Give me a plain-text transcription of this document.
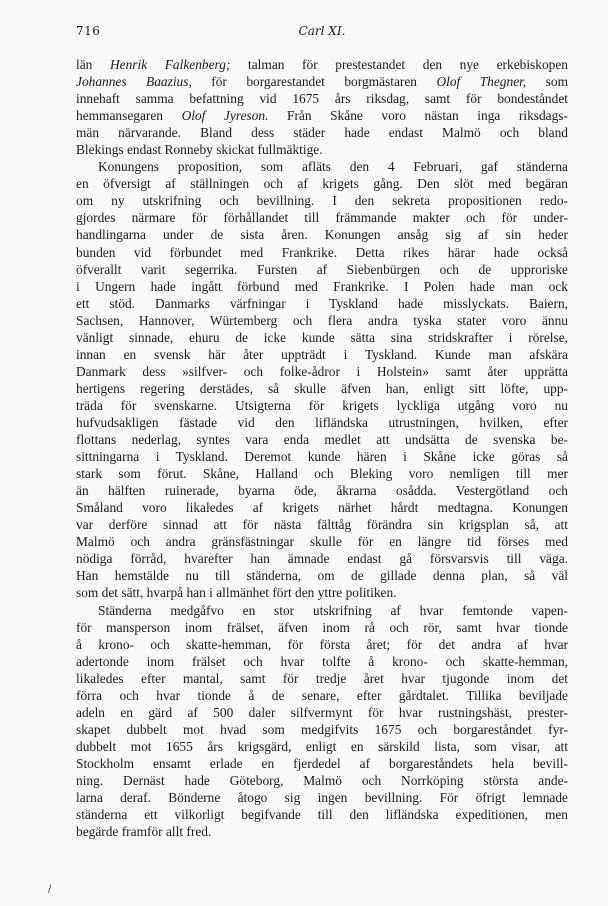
716	Carl XI.
län Henrik Falkenberg; talman för prestestandet den nye erkebiskopen
Johannes Baazius, för borgarestandet borgmästaren Olof Thegner, som
innehaft samma befattning vid 1675 års riksdag, samt för bondeståndet
hemmansegaren Olof Jyreson. Från Skåne voro nästan inga riksdags-
män närvarande. Bland dess städer hade endast Malmö och bland
Blekings endast Ronneby skickat fullmäktige.
Konungens proposition, som afläts den 4 Februari, gaf ständerna
en öfversigt af ställningen och af krigets gång. Den slöt med begäran
om ny utskrifning och bevillning. I den sekreta propositionen redo-
gjordes närmare för förhållandet till främmande makter och för under-
handlingarna under de sista åren. Konungen ansåg sig af sin heder
bunden vid förbundet med Frankrike. Detta rikes härar hade också
öfverallt varit segerrika. Fursten af Siebenbürgen och de upproriske
i Ungern hade ingått förbund med Frankrike. I Polen hade man ock
ett stöd. Danmarks värfningar i Tyskland hade misslyckats. Baiern,
Sachsen, Hannover, Würtemberg och flera andra tyska stater voro ännu
vänligt sinnade, ehuru de icke kunde sätta sina stridskrafter i rörelse,
innan en svensk här åter uppträdt i Tyskland. Kunde man afskära
Danmark dess »silfver- och folke-ådror i Holstein» samt åter upprätta
hertigens regering derstädes, så skulle äfven han, enligt sitt löfte, upp-
träda för svenskarne. Utsigterna för krigets lyckliga utgång voro nu
hufvudsakligen fästade vid den lifländska utrustningen, hvilken, efter
flottans nederlag, syntes vara enda medlet att undsätta de svenska be-
sittningarna i Tyskland. Deremot kunde hären i Skåne icke göras så
stark som förut. Skåne, Halland och Bleking voro nemligen till mer
än hälften ruinerade, byarna öde, åkrarna osådda. Vestergötland och
Småland voro likaledes af krigets närhet hårdt medtagna. Konungen
var derföre sinnad att för nästa fälttåg förändra sin krigsplan så, att
Malmö och andra gränsfästningar skulle för en längre tid förses med
nödiga förråd, hvarefter han ämnade endast gå försvarsvis till väga.
Han hemstälde nu till ständerna, om de gillade denna plan, så väl
som det sätt, hvarpå han i allmänhet fört den yttre politiken.
Ständerna medgåfvo en stor utskrifning af hvar femtonde vapen-
för mansperson inom frälset, äfven inom rå och rör, samt hvar tionde
å krono- och skatte-hemman, för första året; för det andra af hvar
adertonde inom frälset och hvar tolfte å krono- och skatte-hemman,
likaledes efter mantal, samt för tredje året hvar tjugonde inom det
förra och hvar tionde å de senare, efter gårdtalet. Tillika beviljade
adeln en gärd af 500 daler silfvermynt för hvar rustningshäst, prester-
skapet dubbelt mot hvad som medgifvits 1675 och borgareståndet fyr-
dubbelt mot 1655 års krigsgärd, enligt en särskild lista, som visar, att
Stockholm ensamt erlade en fjerdedel af borgareståndets hela bevill-
ning. Dernäst hade Göteborg, Malmö och Norrköping största ande-
larna deraf. Bönderne åtogo sig ingen bevillning. För öfrigt lemnade
ständerna ett vilkorligt begifvande till den lifländska expeditionen, men
begärde framför allt fred.
/
